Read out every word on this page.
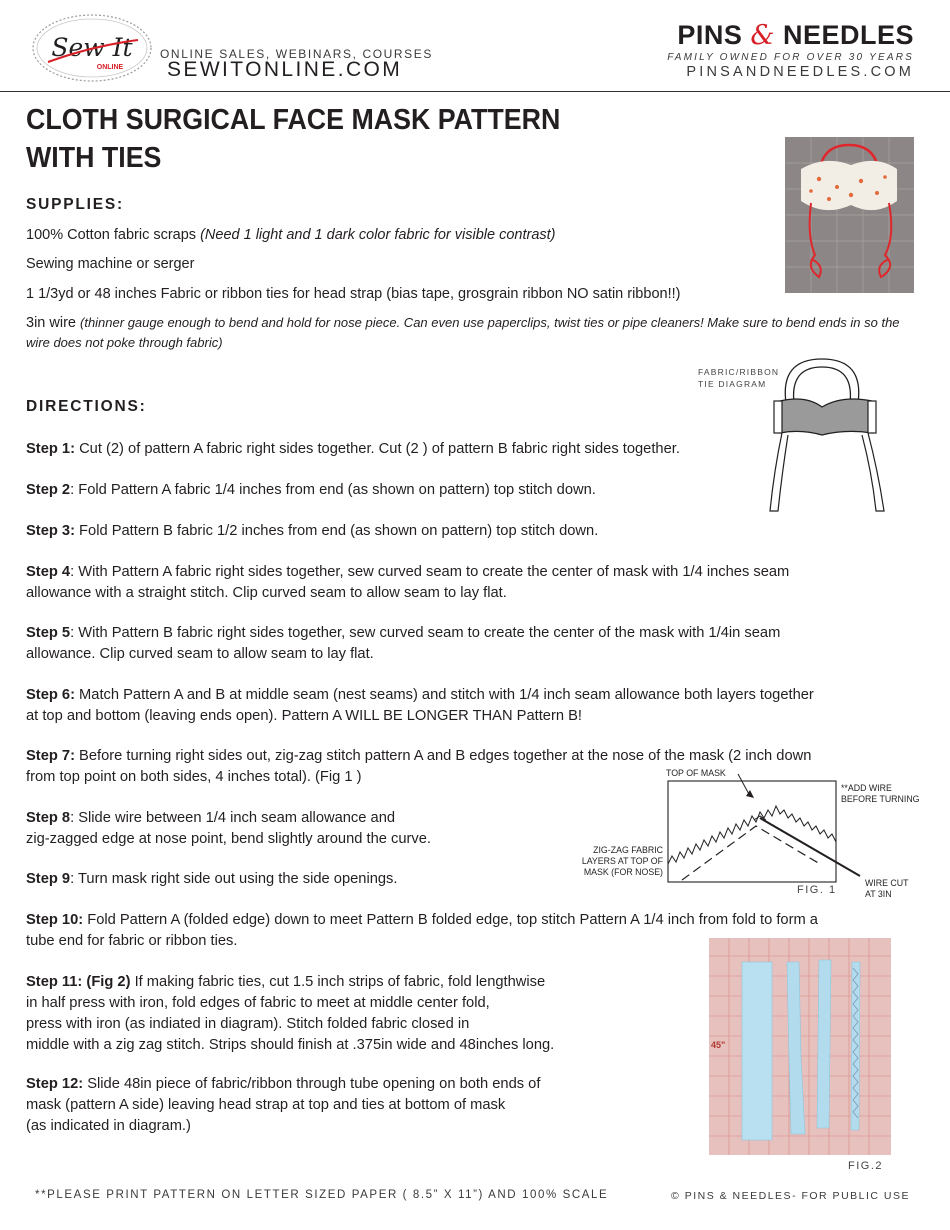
Sew It
ONLINE
ONLINE SALES, WEBINARS, COURSES
SEWITONLINE.COM
PINS & NEEDLES
FAMILY OWNED FOR OVER 30 YEARS
PINSANDNEEDLES.COM
CLOTH SURGICAL FACE MASK PATTERN
WITH TIES
SUPPLIES:
100% Cotton fabric scraps (Need 1 light and 1 dark color fabric for visible contrast)
Sewing machine or serger
1 1/3yd or 48 inches Fabric or ribbon ties for head strap (bias tape, grosgrain ribbon NO satin ribbon!!)
3in wire (thinner gauge enough to bend and hold for nose piece. Can even use paperclips, twist ties or pipe cleaners! Make sure to bend ends in so the wire does not poke through fabric)
FABRIC/RIBBON
TIE DIAGRAM
DIRECTIONS:
Step 1: Cut (2) of pattern A fabric right sides together. Cut (2 ) of pattern B fabric right sides together.
Step 2: Fold Pattern A fabric 1/4 inches from end (as shown on pattern) top stitch down.
Step 3: Fold Pattern B fabric 1/2 inches from end (as shown on pattern) top stitch down.
Step 4: With Pattern A fabric right sides together, sew curved seam to create the center of mask with 1/4 inches seam
allowance with a straight stitch. Clip curved seam to allow seam to lay flat.
Step 5: With Pattern B fabric right sides together, sew curved seam to create the center of the mask with 1/4in seam
allowance. Clip curved seam to allow seam to lay flat.
Step 6: Match Pattern A and B at middle seam (nest seams) and stitch with 1/4 inch seam allowance both layers together
at top and bottom (leaving ends open). Pattern A WILL BE LONGER THAN Pattern B!
Step 7: Before turning right sides out, zig-zag stitch pattern A and B edges together at the nose of the mask (2 inch down
from top point on both sides, 4 inches total). (Fig 1 )
Step 8: Slide wire between 1/4 inch seam allowance and
zig-zagged edge at nose point, bend slightly around the curve.
Step 9: Turn mask right side out using the side openings.
Step 10: Fold Pattern A (folded edge) down to meet Pattern B folded edge, top stitch Pattern A 1/4 inch from fold to form a
tube end for fabric or ribbon ties.
Step 11: (Fig 2) If making fabric ties, cut 1.5 inch strips of fabric, fold lengthwise
in half press with iron, fold edges of fabric to meet at middle center fold,
press with iron (as indiated in diagram). Stitch folded fabric closed in
middle with a zig zag stitch. Strips should finish at .375in wide and 48inches long.
Step 12: Slide 48in piece of fabric/ribbon through tube opening on both ends of
mask (pattern A side) leaving head strap at top and ties at bottom of mask
(as indicated in diagram.)
TOP OF MASK
**ADD WIRE
BEFORE TURNING
ZIG-ZAG FABRIC
LAYERS AT TOP OF
MASK (FOR NOSE)
WIRE CUT
AT 3IN
FIG. 1
45"
FIG.2
**PLEASE PRINT PATTERN ON LETTER SIZED PAPER ( 8.5” X 11”) AND 100% SCALE	© PINS & NEEDLES- FOR PUBLIC USE
